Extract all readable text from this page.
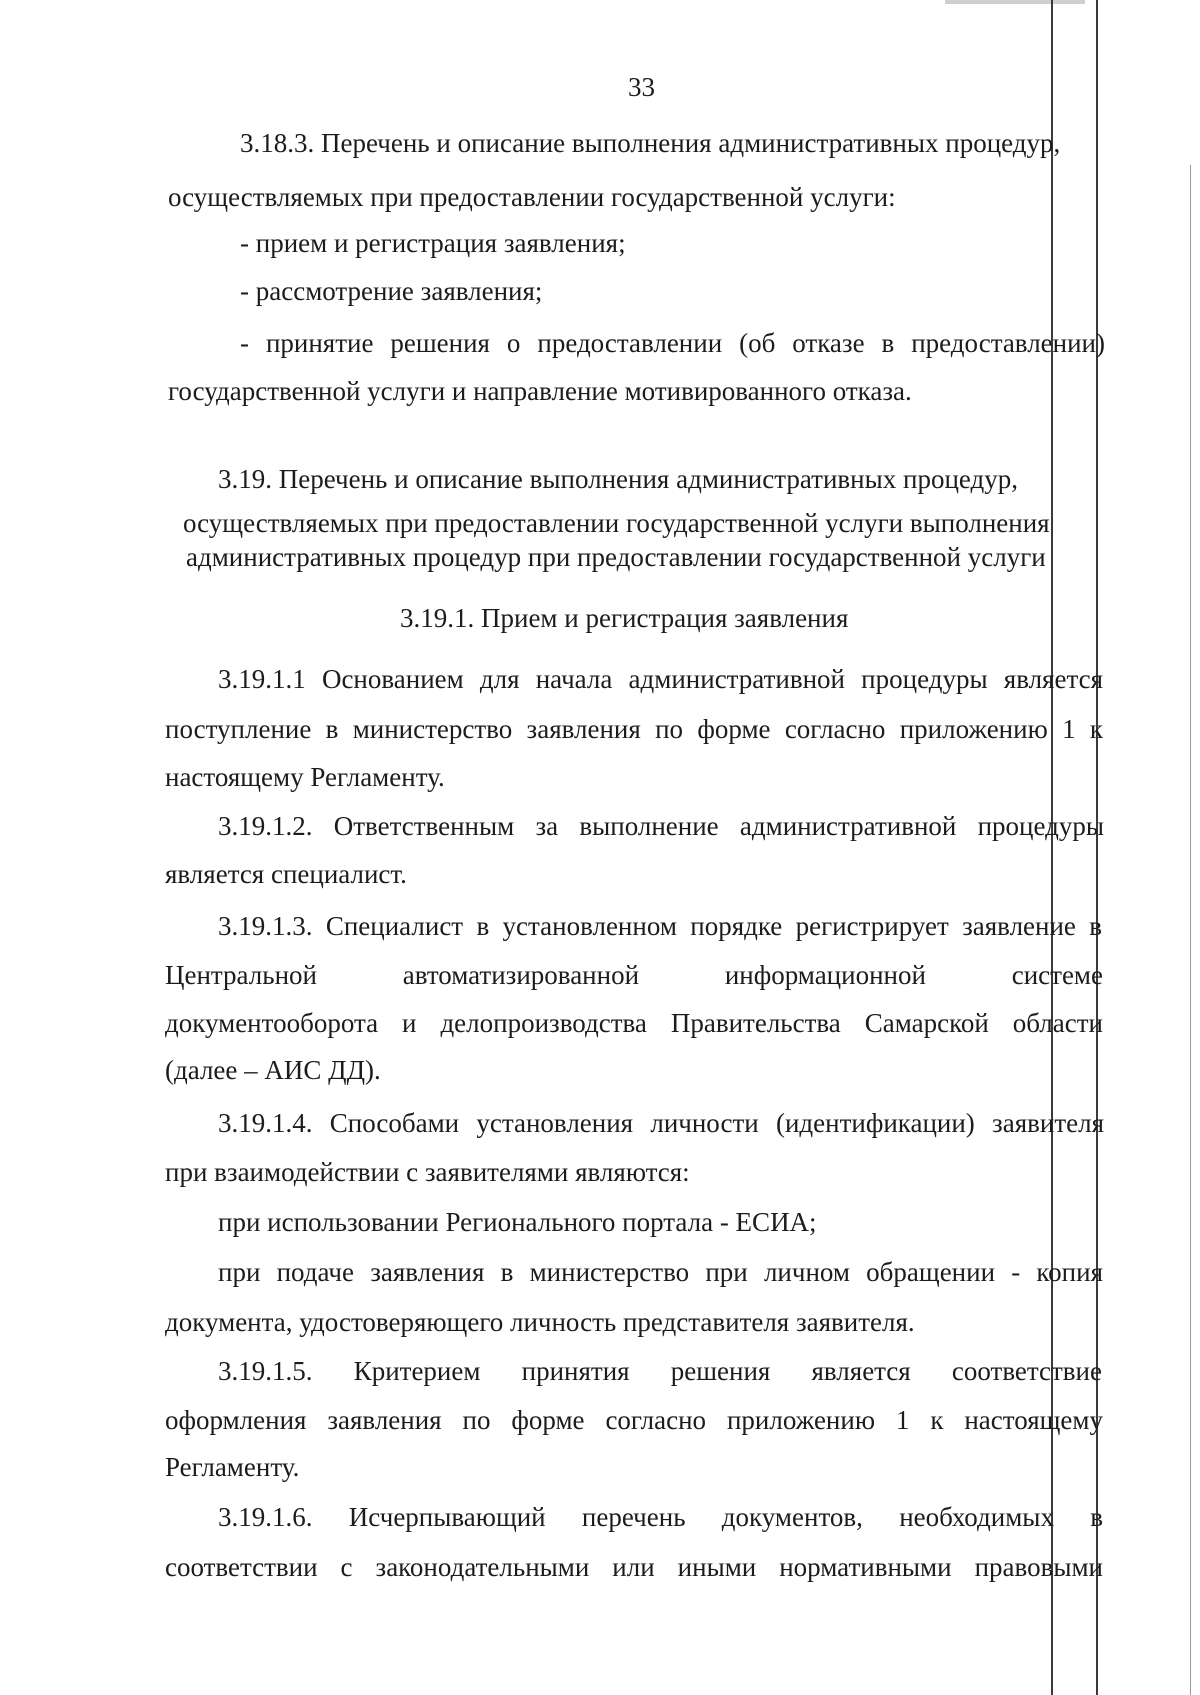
33
3.18.3. Перечень и описание выполнения административных процедур,
осуществляемых при предоставлении государственной услуги:
- прием и регистрация заявления;
- рассмотрение заявления;
- принятие решения о предоставлении (об отказе в предоставлении)
государственной услуги и направление мотивированного отказа.
3.19. Перечень и описание выполнения административных процедур,
осуществляемых при предоставлении государственной услуги выполнения
административных процедур при предоставлении государственной услуги
3.19.1. Прием и регистрация заявления
3.19.1.1 Основанием для начала административной процедуры является
поступление в министерство заявления по форме согласно приложению 1 к
настоящему Регламенту.
3.19.1.2. Ответственным за выполнение административной процедуры
является специалист.
3.19.1.3. Специалист в установленном порядке регистрирует заявление в
Центральной автоматизированной информационной системе
документооборота и делопроизводства Правительства Самарской области
(далее – АИС ДД).
3.19.1.4. Способами установления личности (идентификации) заявителя
при взаимодействии с заявителями являются:
при использовании Регионального портала - ЕСИА;
при подаче заявления в министерство при личном обращении - копия
документа, удостоверяющего личность представителя заявителя.
3.19.1.5. Критерием принятия решения является соответствие
оформления заявления по форме согласно приложению 1 к настоящему
Регламенту.
3.19.1.6. Исчерпывающий перечень документов, необходимых в
соответствии с законодательными или иными нормативными правовыми
